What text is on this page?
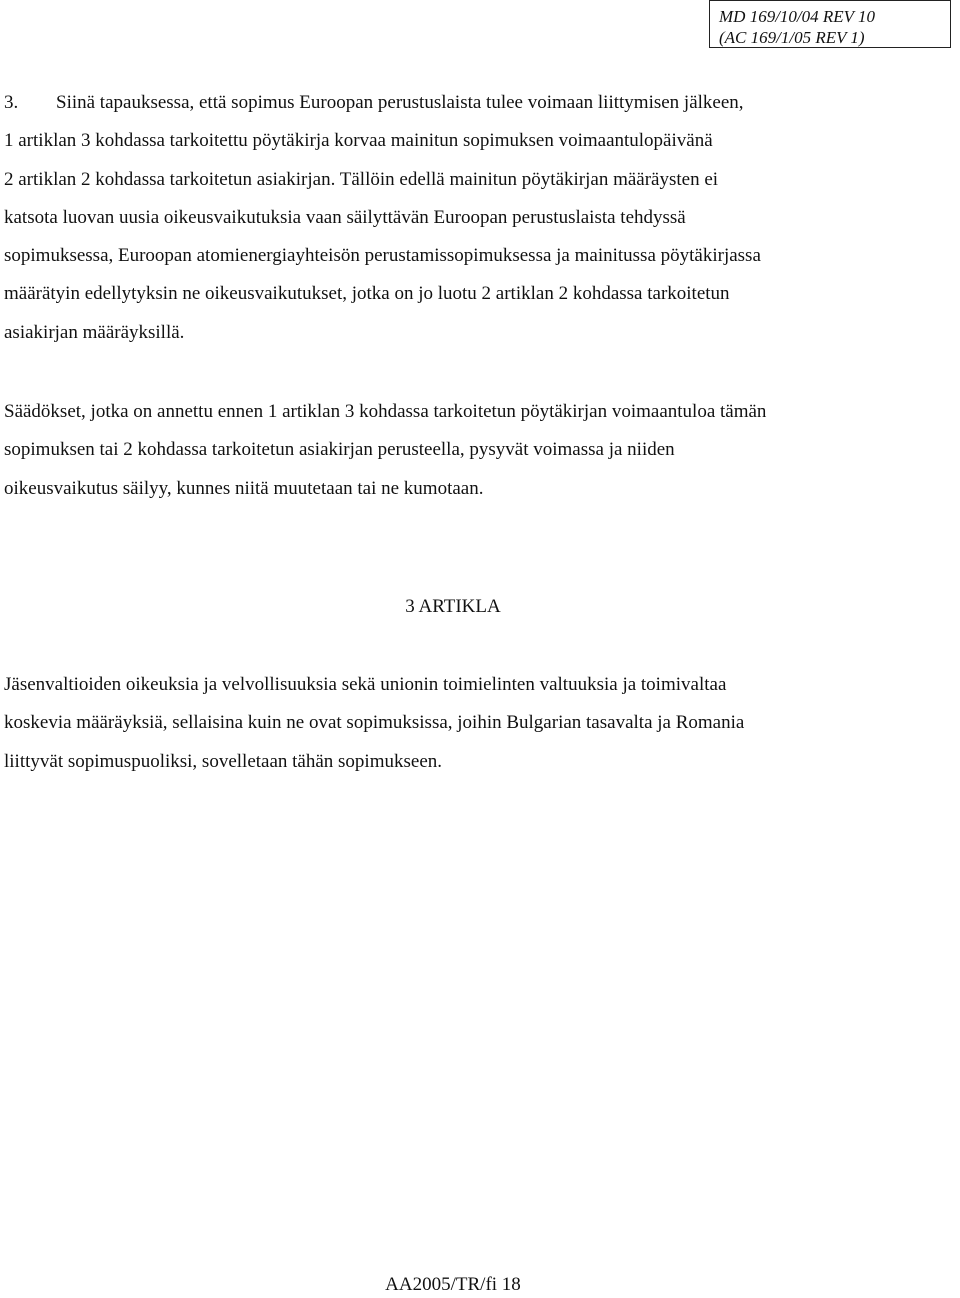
MD 169/10/04 REV 10
(AC 169/1/05 REV 1)
3. Siinä tapauksessa, että sopimus Euroopan perustuslaista tulee voimaan liittymisen jälkeen,
1 artiklan 3 kohdassa tarkoitettu pöytäkirja korvaa mainitun sopimuksen voimaantulopäivänä
2 artiklan 2 kohdassa tarkoitetun asiakirjan. Tällöin edellä mainitun pöytäkirjan määräysten ei
katsota luovan uusia oikeusvaikutuksia vaan säilyttävän Euroopan perustuslaista tehdyssä
sopimuksessa, Euroopan atomienergiayhteisön perustamissopimuksessa ja mainitussa pöytäkirjassa
määrätyin edellytyksin ne oikeusvaikutukset, jotka on jo luotu 2 artiklan 2 kohdassa tarkoitetun
asiakirjan määräyksillä.
Säädökset, jotka on annettu ennen 1 artiklan 3 kohdassa tarkoitetun pöytäkirjan voimaantuloa tämän
sopimuksen tai 2 kohdassa tarkoitetun asiakirjan perusteella, pysyvät voimassa ja niiden
oikeusvaikutus säilyy, kunnes niitä muutetaan tai ne kumotaan.
3 ARTIKLA
Jäsenvaltioiden oikeuksia ja velvollisuuksia sekä unionin toimielinten valtuuksia ja toimivaltaa
koskevia määräyksiä, sellaisina kuin ne ovat sopimuksissa, joihin Bulgarian tasavalta ja Romania
liittyvät sopimuspuoliksi, sovelletaan tähän sopimukseen.
AA2005/TR/fi 18
